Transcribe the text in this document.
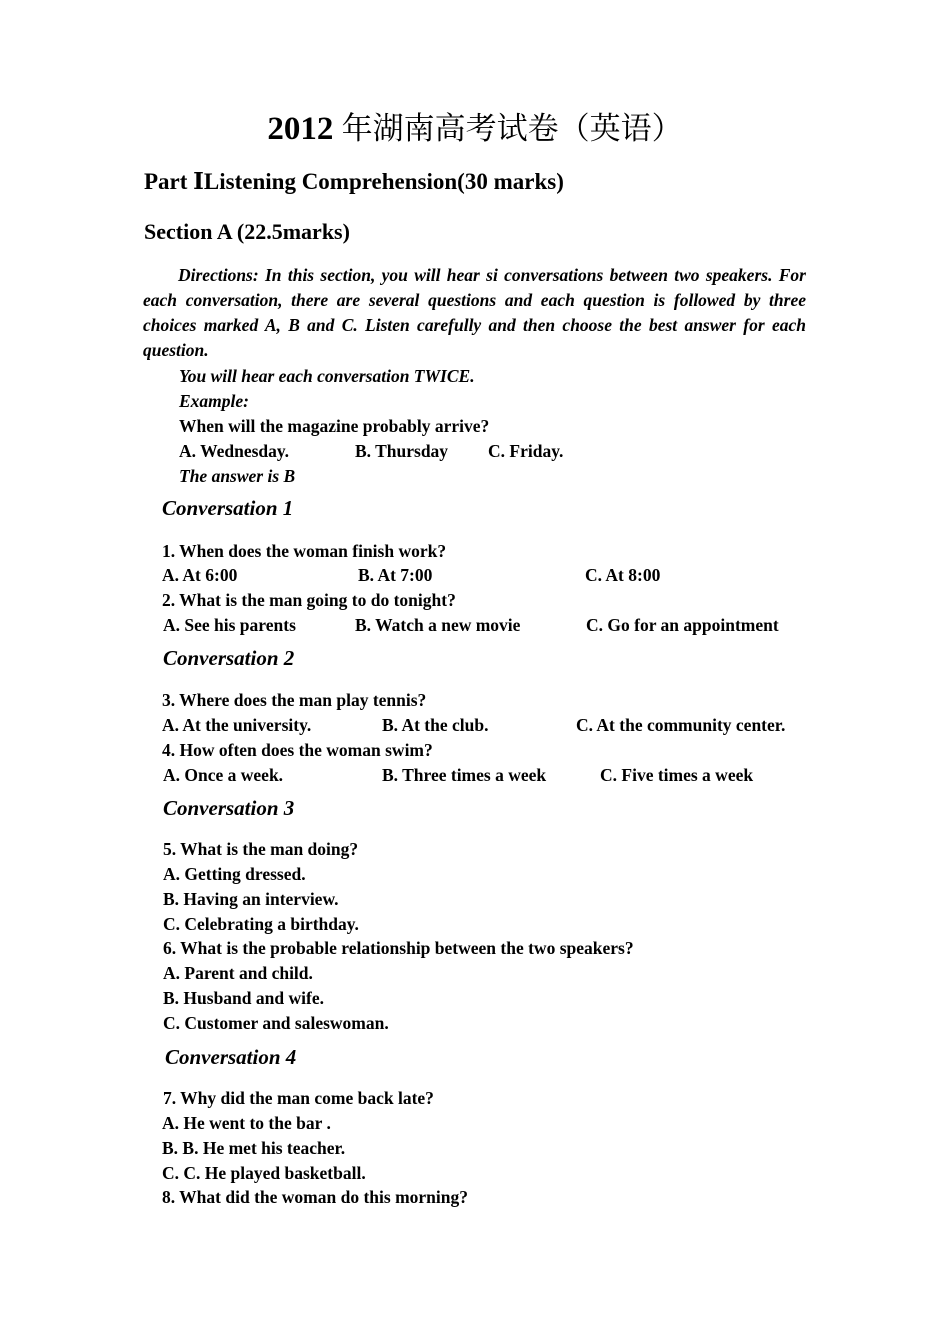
2012 年湖南高考试卷（英语）
Part ⅠListening Comprehension(30 marks)
Section A (22.5marks)
Directions: In this section, you will hear si conversations between two speakers. For each conversation, there are several questions and each question is followed by three choices marked A, B and C. Listen carefully and then choose the best answer for each question.
You will hear each conversation TWICE.
Example:
When will the magazine probably arrive?
A. Wednesday.	B. Thursday C. Friday.
The answer is B
Conversation 1
1. When does the woman finish work?
A. At 6:00	B. At 7:00	C. At 8:00
2. What is the man going to do tonight?
A. See his parents	B. Watch a new movie	C. Go for an appointment
Conversation 2
3. Where does the man play tennis?
A. At the university.	B. At the club.	C. At the community center.
4. How often does the woman swim?
A. Once a week.	B. Three times a week	C. Five times a week
Conversation 3
5. What is the man doing?
A. Getting dressed.
B. Having an interview.
C. Celebrating a birthday.
6. What is the probable relationship between the two speakers?
A. Parent and child.
B. Husband and wife.
C. Customer and saleswoman.
Conversation 4
7. Why did the man come back late?
A. He went to the bar .
B. B. He met his teacher.
C. C. He played basketball.
8. What did the woman do this morning?
